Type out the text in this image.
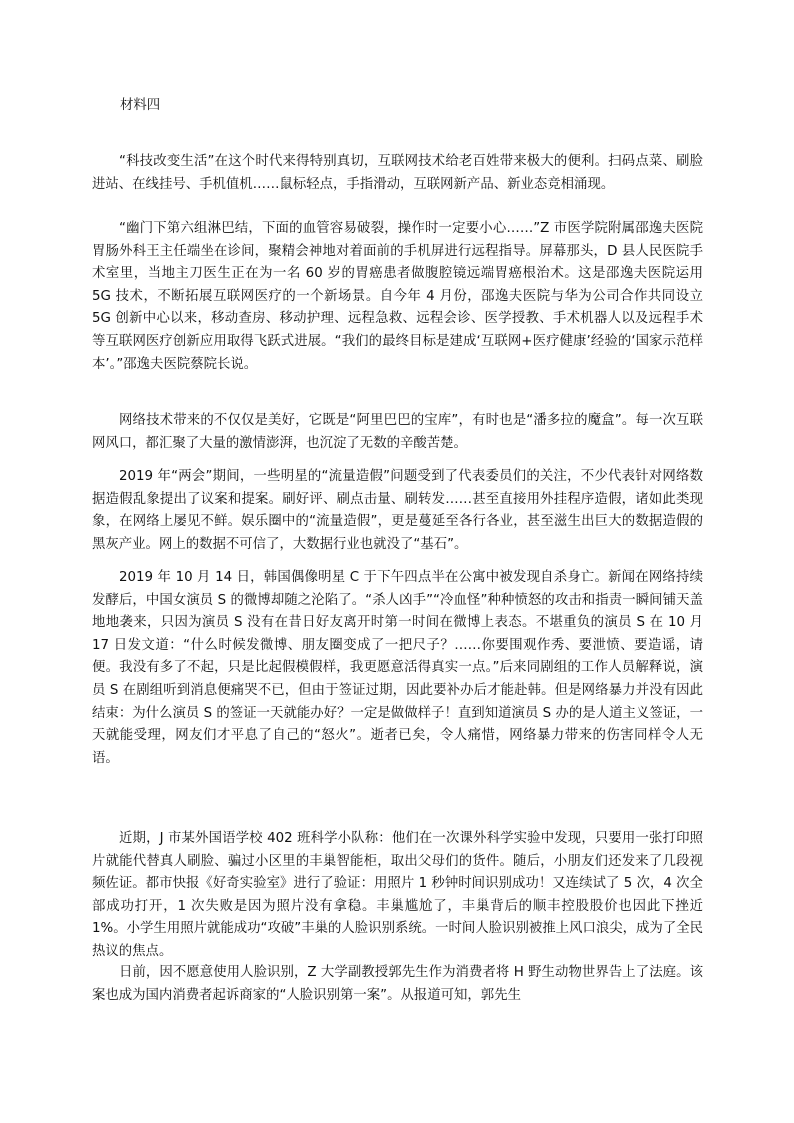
材料四

“科技改变生活”在这个时代来得特别真切，互联网技术给老百姓带来极大的便利。扫码点菜、刷脸进站、在线挂号、手机值机……鼠标轻点，手指滑动，互联网新产品、新业态竞相涌现。

“幽门下第六组淋巴结，下面的血管容易破裂，操作时一定要小心……”Z 市医学院附属邵逸夫医院胃肠外科王主任端坐在诊间，聚精会神地对着面前的手机屏进行远程指导。屏幕那头，D 县人民医院手术室里，当地主刀医生正在为一名 60 岁的胃癌患者做腹腔镜远端胃癌根治术。这是邵逸夫医院运用 5G 技术，不断拓展互联网医疗的一个新场景。自今年 4 月份，邵逸夫医院与华为公司合作共同设立 5G 创新中心以来，移动查房、移动护理、远程急救、远程会诊、医学授教、手术机器人以及远程手术等互联网医疗创新应用取得飞跃式进展。“我们的最终目标是建成‘互联网+医疗健康’经验的‘国家示范样本’。”邵逸夫医院蔡院长说。

网络技术带来的不仅仅是美好，它既是“阿里巴巴的宝库”，有时也是“潘多拉的魔盒”。每一次互联网风口，都汇聚了大量的激情澎湃，也沉淀了无数的辛酸苦楚。

2019 年“两会”期间，一些明星的“流量造假”问题受到了代表委员们的关注，不少代表针对网络数据造假乱象提出了议案和提案。刷好评、刷点击量、刷转发……甚至直接用外挂程序造假，诸如此类现象，在网络上屡见不鲜。娱乐圈中的“流量造假”，更是蔓延至各行各业，甚至滋生出巨大的数据造假的黑灰产业。网上的数据不可信了，大数据行业也就没了“基石”。

2019 年 10 月 14 日，韩国偶像明星 C 于下午四点半在公寓中被发现自杀身亡。新闻在网络持续发酵后，中国女演员 S 的微博却随之沦陷了。“杀人凶手”“冷血怪”种种愤怒的攻击和指责一瞬间铺天盖地地袭来，只因为演员 S 没有在昔日好友离开时第一时间在微博上表态。不堪重负的演员 S 在 10 月 17 日发文道：“什么时候发微博、朋友圈变成了一把尺子？……你要围观作秀、要泄愤、要造谣，请便。我没有多了不起，只是比起假模假样，我更愿意活得真实一点。”后来同剧组的工作人员解释说，演员 S 在剧组听到消息便痛哭不已，但由于签证过期，因此要补办后才能赴韩。但是网络暴力并没有因此结束：为什么演员 S 的签证一天就能办好？一定是做做样子！直到知道演员 S 办的是人道主义签证，一天就能受理，网友们才平息了自己的“怒火”。逝者已矣，令人痛惜，网络暴力带来的伤害同样令人无语。

近期，J 市某外国语学校 402 班科学小队称：他们在一次课外科学实验中发现，只要用一张打印照片就能代替真人刷脸、骗过小区里的丰巢智能柜，取出父母们的货件。随后，小朋友们还发来了几段视频佐证。都市快报《好奇实验室》进行了验证：用照片 1 秒钟时间识别成功！又连续试了 5 次，4 次全部成功打开，1 次失败是因为照片没有拿稳。丰巢尴尬了，丰巢背后的顺丰控股股价也因此下挫近 1%。小学生用照片就能成功“攻破”丰巢的人脸识别系统。一时间人脸识别被推上风口浪尖，成为了全民热议的焦点。

日前，因不愿意使用人脸识别，Z 大学副教授郭先生作为消费者将 H 野生动物世界告上了法庭。该案也成为国内消费者起诉商家的“人脸识别第一案”。从报道可知，郭先生
